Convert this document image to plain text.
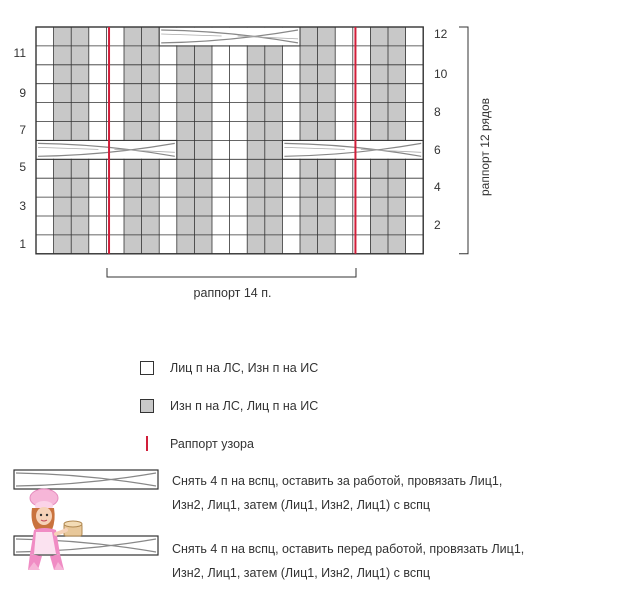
11
9
7
5
3
1
12
10
8
6
4
2
раппорт 14 п.
раппорт 12 рядов
Лиц п на ЛС, Изн п на ИС
Изн п на ЛС, Лиц п на ИС
Раппорт узора
Снять 4 п на вспц, оставить за работой, провязать Лиц1,
Изн2, Лиц1, затем (Лиц1, Изн2, Лиц1) с вспц
Снять 4 п на вспц, оставить перед работой, провязать Лиц1,
Изн2, Лиц1, затем (Лиц1, Изн2, Лиц1) с вспц
